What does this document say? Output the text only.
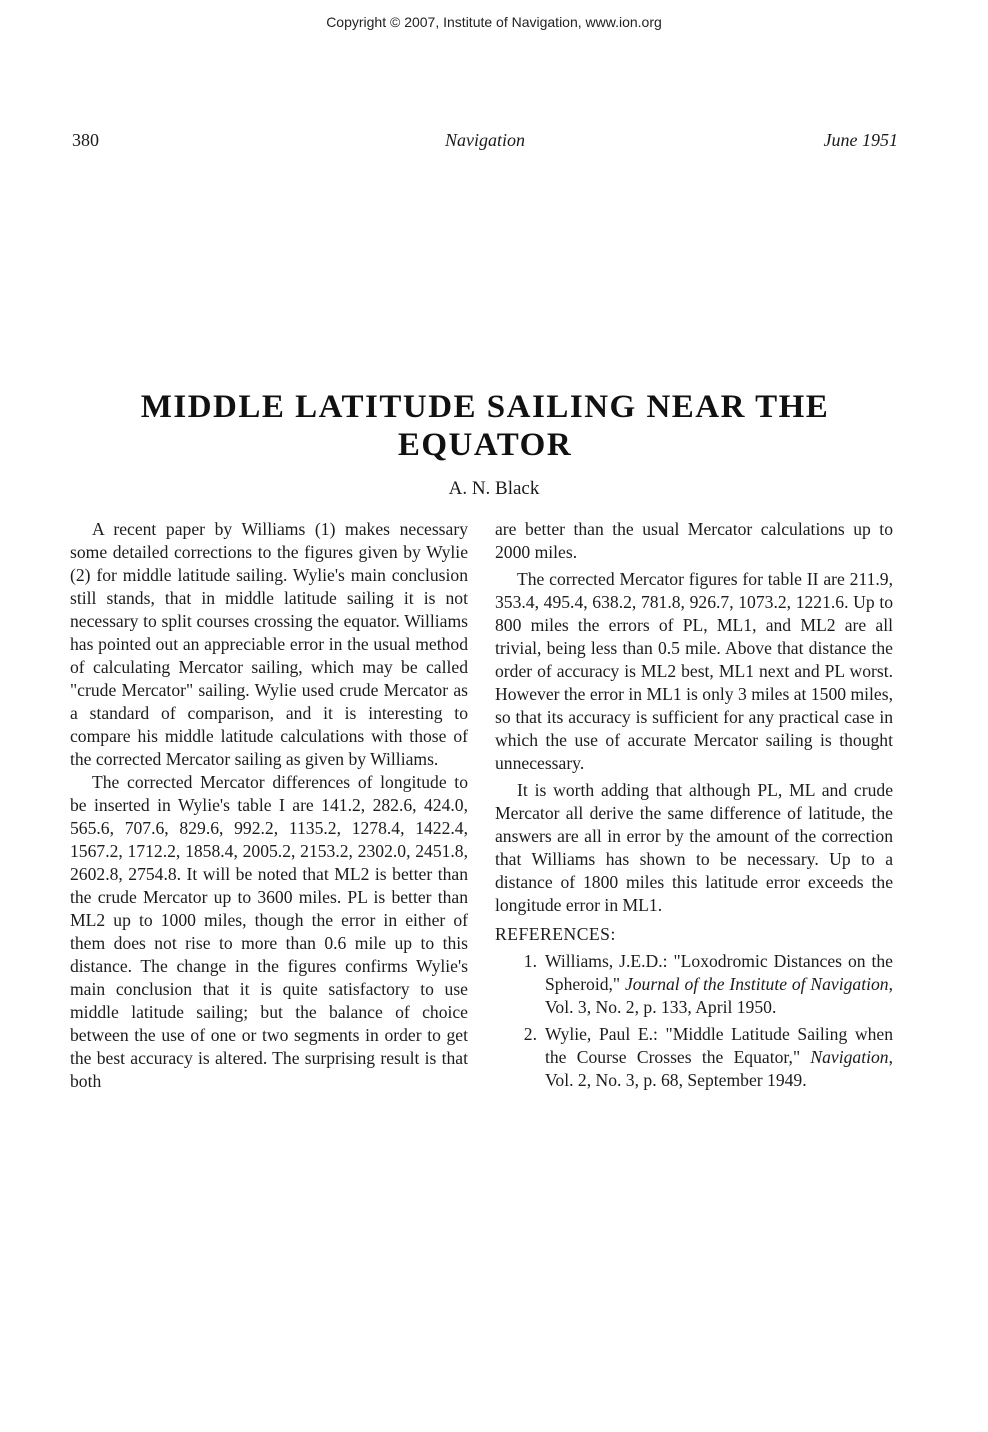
Copyright © 2007, Institute of Navigation, www.ion.org
380	Navigation	June 1951
MIDDLE LATITUDE SAILING NEAR THE EQUATOR
A. N. Black

A recent paper by Williams (1) makes necessary some detailed corrections to the figures given by Wylie (2) for middle latitude sailing. Wylie's main conclusion still stands, that in middle latitude sailing it is not necessary to split courses crossing the equator. Williams has pointed out an appreciable error in the usual method of calculating Mercator sailing, which may be called "crude Mercator" sailing. Wylie used crude Mercator as a standard of comparison, and it is interesting to compare his middle latitude calculations with those of the corrected Mercator sailing as given by Williams.

The corrected Mercator differences of longitude to be inserted in Wylie's table I are 141.2, 282.6, 424.0, 565.6, 707.6, 829.6, 992.2, 1135.2, 1278.4, 1422.4, 1567.2, 1712.2, 1858.4, 2005.2, 2153.2, 2302.0, 2451.8, 2602.8, 2754.8. It will be noted that ML2 is better than the crude Mercator up to 3600 miles. PL is better than ML2 up to 1000 miles, though the error in either of them does not rise to more than 0.6 mile up to this distance. The change in the figures confirms Wylie's main conclusion that it is quite satisfactory to use middle latitude sailing; but the balance of choice between the use of one or two segments in order to get the best accuracy is altered. The surprising result is that both

are better than the usual Mercator calculations up to 2000 miles.

The corrected Mercator figures for table II are 211.9, 353.4, 495.4, 638.2, 781.8, 926.7, 1073.2, 1221.6. Up to 800 miles the errors of PL, ML1, and ML2 are all trivial, being less than 0.5 mile. Above that distance the order of accuracy is ML2 best, ML1 next and PL worst. However the error in ML1 is only 3 miles at 1500 miles, so that its accuracy is sufficient for any practical case in which the use of accurate Mercator sailing is thought unnecessary.

It is worth adding that although PL, ML and crude Mercator all derive the same difference of latitude, the answers are all in error by the amount of the correction that Williams has shown to be necessary. Up to a distance of 1800 miles this latitude error exceeds the longitude error in ML1.

REFERENCES:
1. Williams, J.E.D.: "Loxodromic Distances on the Spheroid," Journal of the Institute of Navigation, Vol. 3, No. 2, p. 133, April 1950.
2. Wylie, Paul E.: "Middle Latitude Sailing when the Course Crosses the Equator," Navigation, Vol. 2, No. 3, p. 68, September 1949.
